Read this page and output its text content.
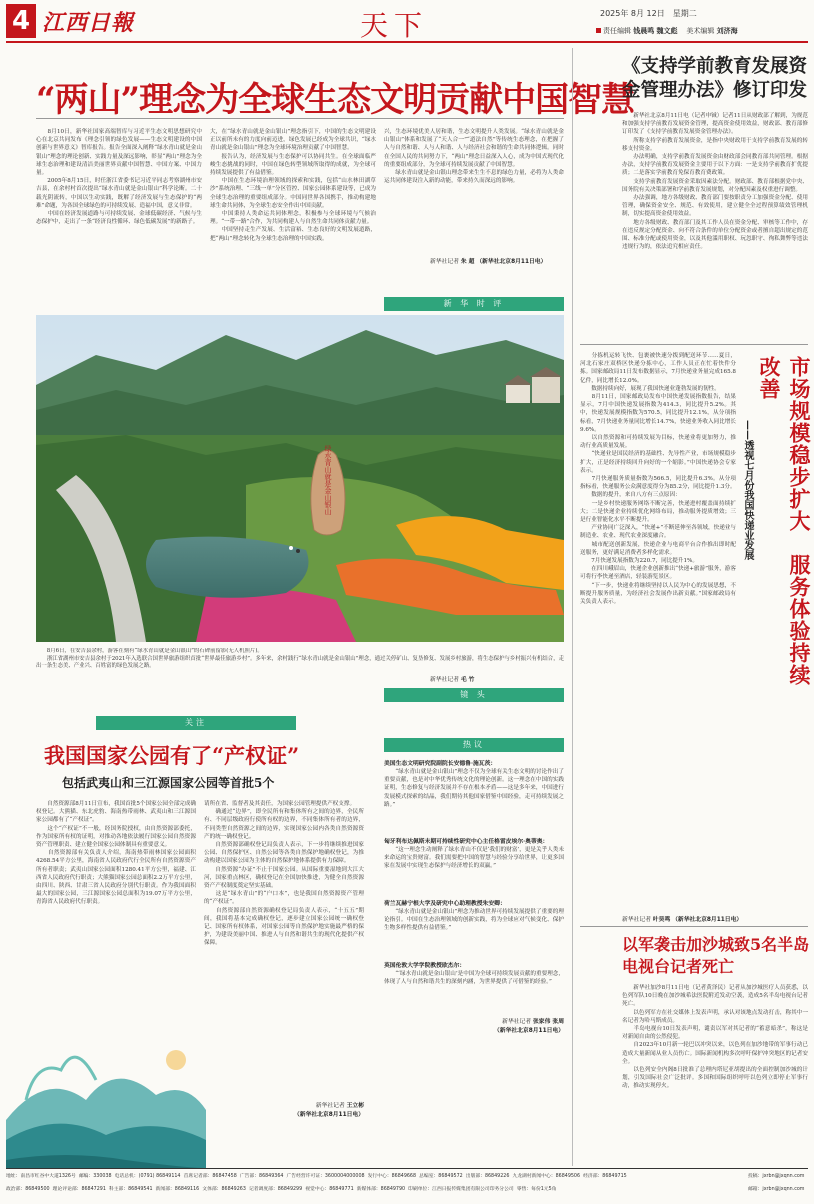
4 江西日報	天下	2025年 8月 12日　星期二
责任编辑 钱晨鸣 魏文彪 美术编辑 刘济海
“两山”理念为全球生态文明贡献中国智慧
　　8月10日，新华社国家高端智库与习近平生态文明思想研究中心在北京共同发布《理念引领的绿色发展——生态文明建设的中国创新与世界意义》智库报告。报告全面深入阐释“绿水青山就是金山银山”理念的理论创新、实践力量及深远影响，彰显“两山”理念为全球生态治理和建设清洁美丽世界贡献中国智慧、中国方案、中国力量。
　　2005年8月15日，时任浙江省委书记习近平同志考察湖州市安吉县，在余村村首次提出“绿水青山就是金山银山”科学论断。二十载光阴流转，中国以生动实践，既解了经济发展与生态保护的“两难”命题，为各国全球绿色的可持续发展、造福中国，意义非常。
　　中国在经济发展道路与可持续发展、金球低碳经济、气候与生态保护中，走出了一条“经济良性循环、绿色低碳发展”的新路子。
大，在“绿水青山就是金山银山”理念指引下，中国的生态文明建设正以前所未有的力度向前迈进，绿色发展已经成为全球共识，“绿水青山就是金山银山”理念为全球环境治理贡献了中国智慧。
　　报告认为，经济发展与生态保护可以协同共生。在全球面临严峻生态挑战的同时，中国在绿色转型领域所取得的成就，为全球可持续发展提供了有益借鉴。
　　中国在生态环境治理领域的探索和实践，包括“山水林田湖草沙”系统治理、“三线一单”分区管控、国家公园体系建设等，已成为全球生态治理的重要组成部分。中国同世界各国携手，推动构建地球生命共同体，为全球生态安全作出中国贡献。
　　中国秉持人类命运共同体理念，积极参与全球环境与气候治理。“一带一路”合作，为共同构建人与自然生命共同体贡献力量。
　　中国坚持走生产发展、生活富裕、生态良好的文明发展道路，把“两山”理念转化为全球生态治理的中国实践。
兴，生态环境优美人居和谐，生态文明提升人类发展。“绿水青山就是金山银山”体系和发展了“天人合一”“道法自然”等传统生态理念，在把握了人与自然和谐、人与人和谐、人与经济社会和谐的生命共同体逻辑。同时在全国人民的共同努力下，“两山”理念日益深入人心，成为中国式现代化的重要组成部分，为全球可持续发展贡献了中国智慧。
　　绿水青山就是金山银山理念带来生生不息的绿色力量，必将为人类命运共同体建设注入新的动能，带来持久而深远的影响。
新华社记者 朱 超 （新华社北京8月11日电）
新 华 时 评
绿水青山就是金山银山
　　8月6日，在安吉县余村，游客在刻有“绿水青山就是金山银山”的石碑前留影(无人机照片)。
　　浙江省湖州市安吉县余村于2021年入选联合国世界旅游组织首批“世界最佳旅游乡村”。多年来，余村践行“绿水青山就是金山银山”理念，通过关停矿山、复垦修复、发展乡村旅游，将生态保护与乡村振兴有机结合，走出一条生态美、产业兴、百姓富的绿色发展之路。
新华社记者 毛 竹
镜 头
关注
我国国家公园有了“产权证”
包括武夷山和三江源国家公园等首批5个
　　自然资源部8月11日宣布，我国首批5个国家公园全部完成确权登记。大熊猫、东北虎豹、海南热带雨林、武夷山和三江源国家公园都有了“产权证”。
　　这个“产权证”不一般，经国务院授权，由自然资源部委托，作为国家所有权的证明，对推动各地依法履行国家公园自然资源资产管理职责、建立健全国家公园体制具有重要意义。
　　自然资源部有关负责人介绍，海南热带雨林国家公园面积4268.54平方公里，海南省人民政府代行全民所有自然资源资产所有者职责；武夷山国家公园面积1280.41平方公里，福建、江西省人民政府代行职责；大熊猫国家公园总面积2.2万平方公里，由四川、陕西、甘肃三省人民政府分别代行职责。作为我国面积最大的国家公园，三江源国家公园总面积为19.07万平方公里，青海省人民政府代行职责。
请所在省、监督者及其责任，为国家公园管理提供产权支撑。
　　确通过“边界”，即全民所有和集体所有之间的边界，全民所有、不同层级政府行使所有权的边界，不同集体所有者的边界，不同类型自然资源之间的边界，实现国家公园内各类自然资源资产的统一确权登记。
　　自然资源部确权登记局负责人表示，下一步将继续推进国家公园、自然保护区、自然公园等各类自然保护地确权登记，为推动构建以国家公园为主体的自然保护地体系提供有力保障。
　　自然资源“办证”不止于国家公园。从国际重要湿地到大江大河，国家重点林区，确权登记在全国加快推进，为健全自然资源资产产权制度奠定坚实基础。
　　这是“绿水青山”的“户口本”，也是我国自然资源资产管理的“产权证”。
　　自然资源部自然资源确权登记局负责人表示，“十五五”期间，我国将基本完成确权登记，逐步建立国家公园统一确权登记、国家所有权体系，对国家公园等自然保护地实施最严格的保护，为建设美丽中国、推进人与自然和谐共生的现代化提供产权保障。
新华社记者 王立彬
（新华社北京8月11日电）
热议
美国生态文明研究院副院长安德鲁·施瓦茨：
　　“绿水青山就是金山银山”理念不仅为全球有关生态文明的讨论作出了重要贡献，也是对中华优秀传统文化的理论创新。这一理念在中国的实践证明，生态修复与经济发展并不存在根本矛盾——这是多年来，中国进行发展模式探索的结晶，我们期待其他国家借鉴中国经验，走可持续发展之路。”
匈牙利布达佩斯未期可持续性研究中心主任格雷皮埃尔·奥蒂奥：
　　“这一理念生动阐释了绿水青山不仅是‘我们的财富’，更是关乎人类未来命运的宝贵财富。我们需要把中国的智慧与经验分享给世界，让更多国家在发展中实现生态保护与经济增长的双赢。”
荷兰瓦赫宁根大学及研究中心助理教授朱安卿：
　　“绿水青山就是金山银山”理念为推动世界可持续发展提供了重要的理论指引。中国在生态治理领域的创新实践，将为全球应对气候变化、保护生物多样性提供有益借鉴。”
英国伦敦大学学院教授欧杰尔：
　　“‘绿水青山就是金山银山’是中国为全球可持续发展贡献的重要理念，体现了人与自然和谐共生的深刻内涵，为世界提供了可借鉴的经验。”
新华社记者 张家伟 张周
（新华社北京8月11日电）
《支持学前教育发展资金管理办法》修订印发
　　新华社北京8月11日电（记者申铖）记者11日从财政部了解到，为规范和加强支持学前教育发展资金管理，提高资金使用效益，财政部、教育部修订印发了《支持学前教育发展资金管理办法》。
　　所称支持学前教育发展资金，是指中央财政用于支持学前教育发展的转移支付资金。
　　办法明确，支持学前教育发展资金由财政部会同教育部共同管理。根据办法，支持学前教育发展资金主要用于以下方面：一是支持学前教育扩优提质；二是落实学前教育免保育教育费政策。
　　支持学前教育发展资金采取因素法分配。财政部、教育部根据党中央、国务院有关决策部署和学前教育发展规划，对分配因素及权重进行调整。
　　办法强调，地方各级财政、教育部门要按职责分工加强资金分配、使用管理，确保资金安全、规范、有效使用，建立健全全过程预算绩效管理机制，切实提高资金使用效益。
　　地方各级财政、教育部门及其工作人员在资金分配、审核等工作中，存在违反规定分配资金、向不符合条件的单位分配资金或者擅自超出规定的范围、标准分配或使用资金，以及其他滥用职权、玩忽职守、徇私舞弊等违法违规行为的，依法追究相应责任。
　　分拣机运转飞快、包裹被快速分拨到配送环节……夏日，河北石家庄双桥区快递分拣中心，工作人员正在忙着快件分拣。国家邮政局11日发布数据显示，7月快递业务量完成165.8亿件，同比增长12.0%。
　　数据持续向好，展现了我国快递业蓬勃发展的韧性。
　　8月11日，国家邮政局发布中国快递发展指数报告，结果显示，7月中国快递发展指数为414.3，同比提升5.2%。其中，快递发展规模指数为570.5，同比提升12.1%，从分项指标看，7月快递业务量同比增长14.7%，快递业务收入同比增长9.6%。
　　以自然资源和可持续发展为目标，快递业将更加努力，推动行业高质量发展。
　　“快递业是国民经济的基础性、先导性产业，市场规模稳步扩大，正是经济持续回升向好的一个缩影。”中国快递协会专家表示。
　　7月快递服务质量指数为566.5，同比提升6.3%。从分项指标看，快递服务公众满意度得分为85.2分，同比提升1.3分。
　　数据的提升，来自八方有三点原因：
　　一是乡村快递服务网络不断完善，快递进村覆盖面持续扩大；二是快递企业持续优化网络布局，推动服务提质增效；三是行业智能化水平不断提升。
　　产业协同广泛深入，“快递+”不断延伸至各领域，快递业与制造业、农业、现代农业深度融合。
　　城市配送创新发展，快递企业与电商平台合作推出即时配送服务，更好满足消费者多样化需求。
　　7月快递发展指数为220.7，同比提升1%。
　　在四川峨眉山，快递企业创新推出“快递+旅游”服务，游客可将行李快递至酒店，轻装游览景区。
　　“下一步，快递业将继续坚持以人民为中心的发展思想，不断提升服务质量，为经济社会发展作出新贡献。”国家邮政局有关负责人表示。	市场规模稳步扩大　服务体验持续改善
——透视七月份我国快递业发展
新华社记者 叶昊鸣 （新华社北京8月11日电）
以军袭击加沙城致5名半岛电视台记者死亡
　　新华社加沙8月11日电（记者黄泽民）记者从加沙城医疗人员获悉，以色列军队10日晚在加沙城希法医院附近发动空袭，造成5名半岛电视台记者死亡。
　　以色列军方在社交媒体上发表声明，承认对该地点发动打击，称其中一名记者为哈马斯成员。
　　半岛电视台10日发表声明，谴责以军对其记者的“蓄意暗杀”，称这是对新闻自由的公然侵犯。
　　自2023年10月新一轮巴以冲突以来，以色列在加沙地带的军事行动已造成大量新闻从业人员伤亡。国际新闻机构多次呼吁保护冲突地区的记者安全。
　　以色列安全内阁8日批准了总理内塔尼亚胡提出的全面控制加沙城的计划，引发国际社会广泛批评。多国和国际组织呼吁以色列立即停止军事行动，推动实现停火。
地址：南昌市红谷中大道1326号 邮编：330038 电话总机：(0791) 86849114 首席记者部：86847458 广告部：86849364 广告经营许可证：3600004000008 发行中心：86849668 总编室：86849572 出版部：86849226 九龙湖村新闻中心：86849506 经济部：86849715
政治部：86849500 理论评论部：86847291 科主部：86849541 新闻部：86849116 文体部：86849263 记者调度部：86849299 视觉中心：86849771 新媒体部：86849790 印刷单位：江西日报传媒集团有限公司印务分公司 零售：每份1元5角
投稿：jxrbn@jxqnn.com
邮箱：jxrbn@jxqnn.com
